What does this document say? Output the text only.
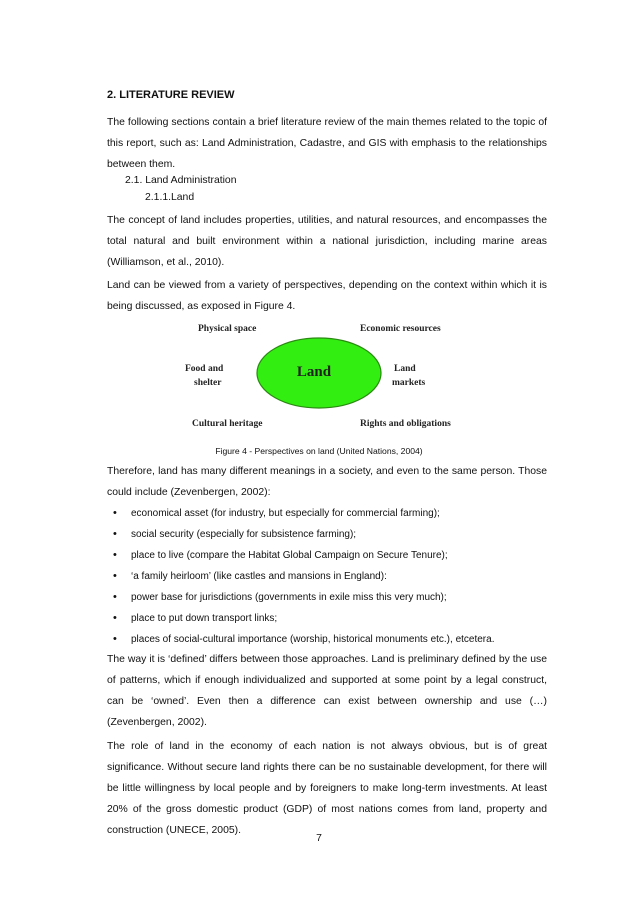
2. LITERATURE REVIEW

The following sections contain a brief literature review of the main themes related to the topic of this report, such as: Land Administration, Cadastre, and GIS with emphasis to the relationships between them.

2.1. Land Administration
2.1.1.Land

The concept of land includes properties, utilities, and natural resources, and encompasses the total natural and built environment within a national jurisdiction, including marine areas (Williamson, et al., 2010).

Land can be viewed from a variety of perspectives, depending on the context within which it is being discussed, as exposed in Figure 4.

Land
Physical space	Economic resources
Food and
shelter
Land
markets
Cultural heritage	Rights and obligations
Figure 4 - Perspectives on land (United Nations, 2004)

Therefore, land has many different meanings in a society, and even to the same person. Those could include (Zevenbergen, 2002):

• economical asset (for industry, but especially for commercial farming);
• social security (especially for subsistence farming);
• place to live (compare the Habitat Global Campaign on Secure Tenure);
• ‘a family heirloom’ (like castles and mansions in England):
• power base for jurisdictions (governments in exile miss this very much);
• place to put down transport links;
• places of social-cultural importance (worship, historical monuments etc.), etcetera.

The way it is ‘defined’ differs between those approaches. Land is preliminary defined by the use of patterns, which if enough individualized and supported at some point by a legal construct, can be ‘owned’. Even then a difference can exist between ownership and use (…) (Zevenbergen, 2002).

The role of land in the economy of each nation is not always obvious, but is of great significance. Without secure land rights there can be no sustainable development, for there will be little willingness by local people and by foreigners to make long-term investments. At least 20% of the gross domestic product (GDP) of most nations comes from land, property and construction (UNECE, 2005).

7
